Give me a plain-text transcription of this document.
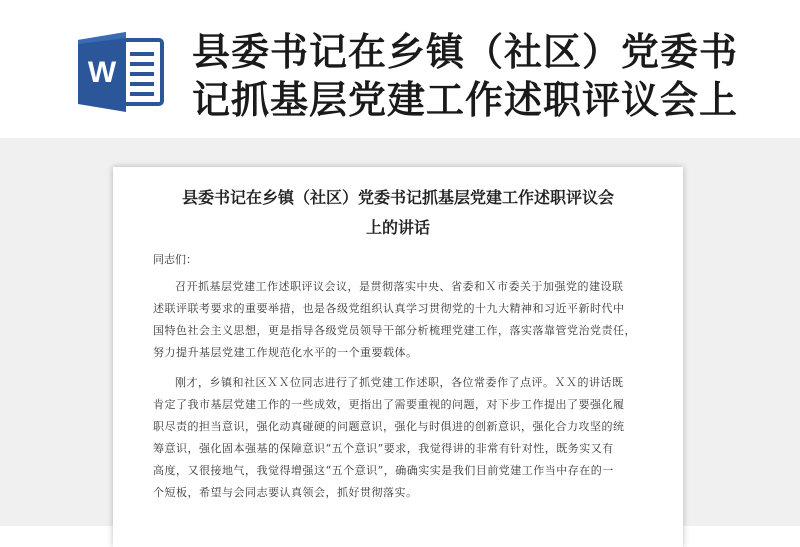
W 县委书记在乡镇（社区）党委书
记抓基层党建工作述职评议会上
县委书记在乡镇（社区）党委书记抓基层党建工作述职评议会
上的讲话
同志们：
召开抓基层党建工作述职评议会议，是贯彻落实中央、省委和Ｘ市委关于加强党的建设联
述联评联考要求的重要举措，也是各级党组织认真学习贯彻党的十九大精神和习近平新时代中
国特色社会主义思想，更是指导各级党员领导干部分析梳理党建工作，落实落靠管党治党责任，
努力提升基层党建工作规范化水平的一个重要载体。
刚才，乡镇和社区ＸＸ位同志进行了抓党建工作述职，各位常委作了点评。ＸＸ的讲话既
肯定了我市基层党建工作的一些成效，更指出了需要重视的问题，对下步工作提出了要强化履
职尽责的担当意识，强化动真碰硬的问题意识，强化与时俱进的创新意识，强化合力攻坚的统
筹意识，强化固本强基的保障意识“五个意识”要求，我觉得讲的非常有针对性，既务实又有
高度，又很接地气，我觉得增强这“五个意识”，确确实实是我们目前党建工作当中存在的一
个短板，希望与会同志要认真领会，抓好贯彻落实。
